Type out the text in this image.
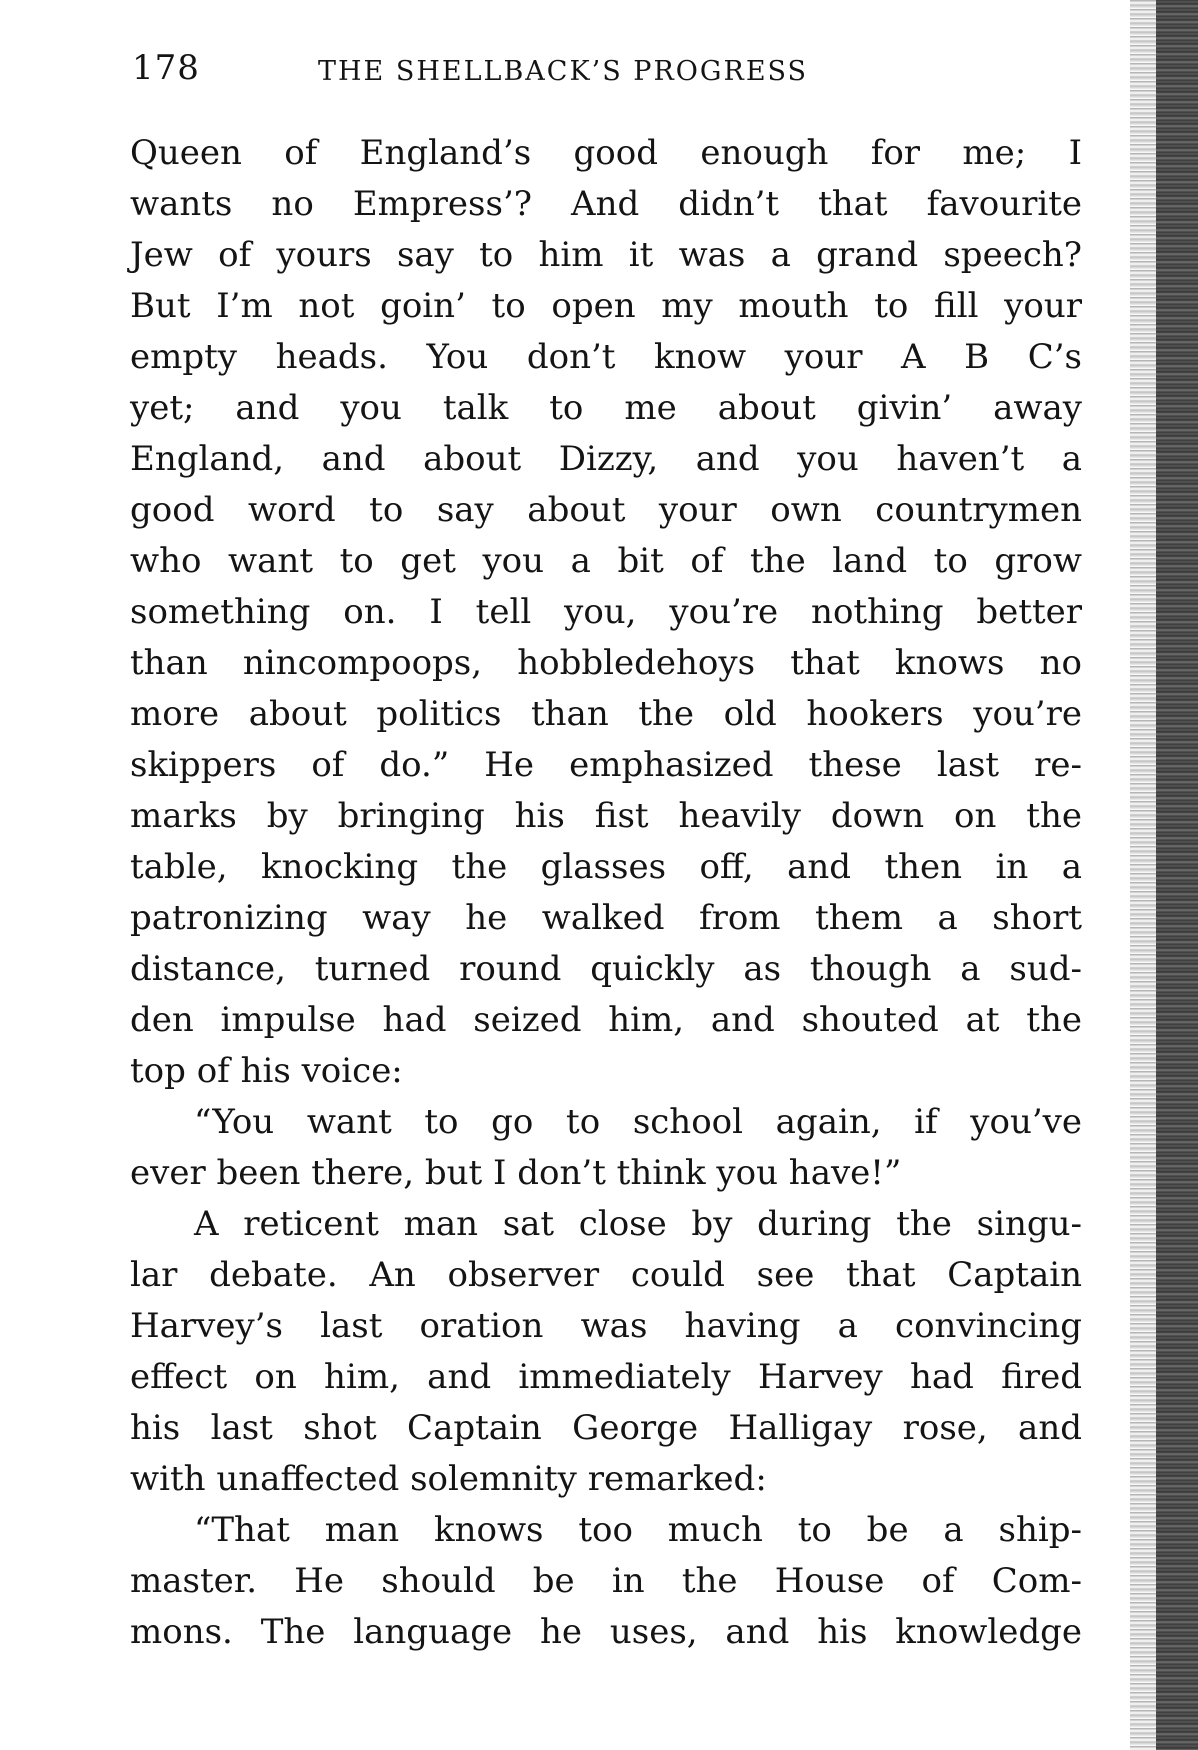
178	THE SHELLBACK’S PROGRESS
Queen of England’s good enough for me; I
wants no Empress’? And didn’t that favourite
Jew of yours say to him it was a grand speech?
But I’m not goin’ to open my mouth to fill your
empty heads. You don’t know your A B C’s
yet; and you talk to me about givin’ away
England, and about Dizzy, and you haven’t a
good word to say about your own countrymen
who want to get you a bit of the land to grow
something on. I tell you, you’re nothing better
than nincompoops, hobbledehoys that knows no
more about politics than the old hookers you’re
skippers of do.” He emphasized these last re-
marks by bringing his fist heavily down on the
table, knocking the glasses off, and then in a
patronizing way he walked from them a short
distance, turned round quickly as though a sud-
den impulse had seized him, and shouted at the
top of his voice:
“You want to go to school again, if you’ve
ever been there, but I don’t think you have!”
A reticent man sat close by during the singu-
lar debate. An observer could see that Captain
Harvey’s last oration was having a convincing
effect on him, and immediately Harvey had fired
his last shot Captain George Halligay rose, and
with unaffected solemnity remarked:
“That man knows too much to be a ship-
master. He should be in the House of Com-
mons. The language he uses, and his knowledge
